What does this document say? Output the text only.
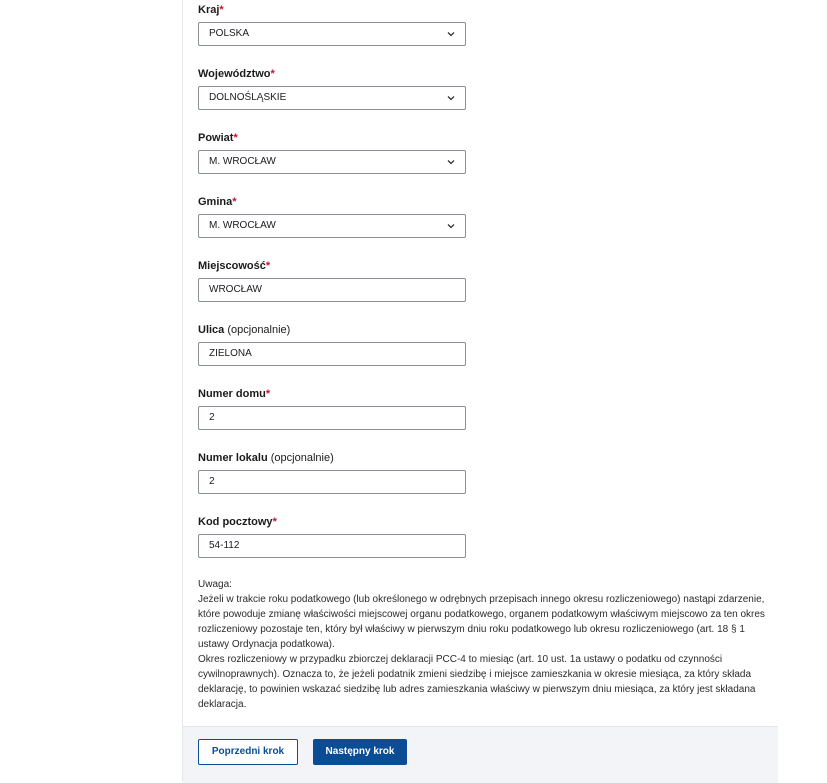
Kraj*
POLSKA
Województwo*
DOLNOŚLĄSKIE
Powiat*
M. WROCŁAW
Gmina*
M. WROCŁAW
Miejscowość*
WROCŁAW
Ulica (opcjonalnie)
ZIELONA
Numer domu*
2
Numer lokalu (opcjonalnie)
2
Kod pocztowy*
54-112

Uwaga:

Jeżeli w trakcie roku podatkowego (lub określonego w odrębnych przepisach innego okresu rozliczeniowego) nastąpi zdarzenie, które powoduje zmianę właściwości miejscowej organu podatkowego, organem podatkowym właściwym miejscowo za ten okres rozliczeniowy pozostaje ten, który był właściwy w pierwszym dniu roku podatkowego lub okresu rozliczeniowego (art. 18 § 1 ustawy Ordynacja podatkowa).

Okres rozliczeniowy w przypadku zbiorczej deklaracji PCC-4 to miesiąc (art. 10 ust. 1a ustawy o podatku od czynności cywilnoprawnych). Oznacza to, że jeżeli podatnik zmieni siedzibę i miejsce zamieszkania w okresie miesiąca, za który składa deklarację, to powinien wskazać siedzibę lub adres zamieszkania właściwy w pierwszym dniu miesiąca, za który jest składana deklaracja.

Poprzedni krok	Następny krok
